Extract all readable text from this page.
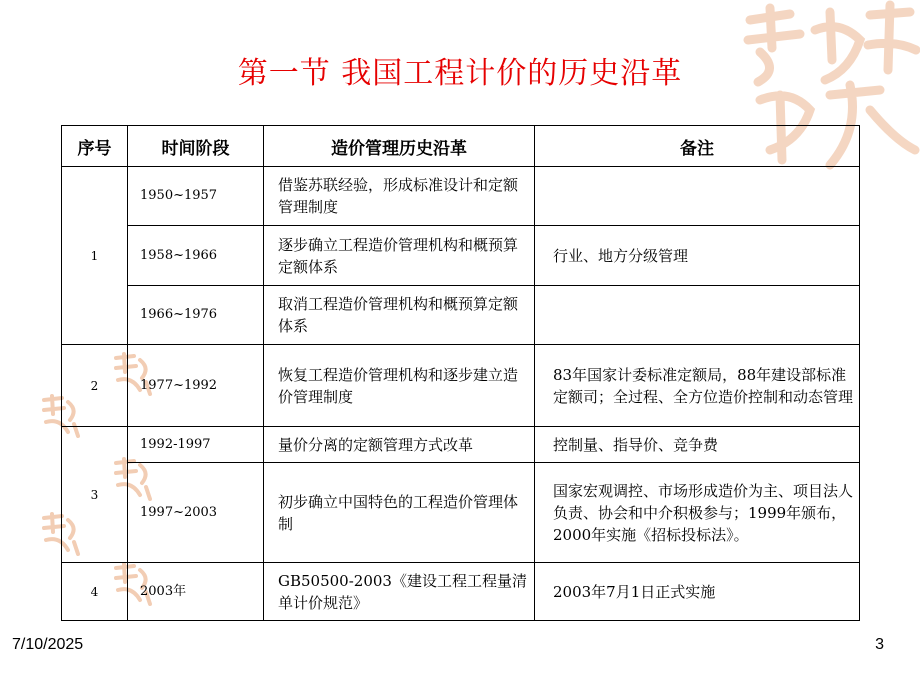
第一节 我国工程计价的历史沿革
序号	时间阶段	造价管理历史沿革	备注
1	1950~1957	借鉴苏联经验，形成标准设计和定额管理制度	
	1958~1966	逐步确立工程造价管理机构和概预算定额体系	行业、地方分级管理
	1966~1976	取消工程造价管理机构和概预算定额体系	
2	1977~1992	恢复工程造价管理机构和逐步建立造价管理制度	83年国家计委标准定额局，88年建设部标准定额司；全过程、全方位造价控制和动态管理
3	1992-1997	量价分离的定额管理方式改革	控制量、指导价、竞争费
	1997~2003	初步确立中国特色的工程造价管理体制	国家宏观调控、市场形成造价为主、项目法人负责、协会和中介积极参与；1999年颁布，2000年实施《招标投标法》。
4	2003年	GB50500-2003《建设工程工程量清单计价规范》	2003年7月1日正式实施
7/10/2025	3
